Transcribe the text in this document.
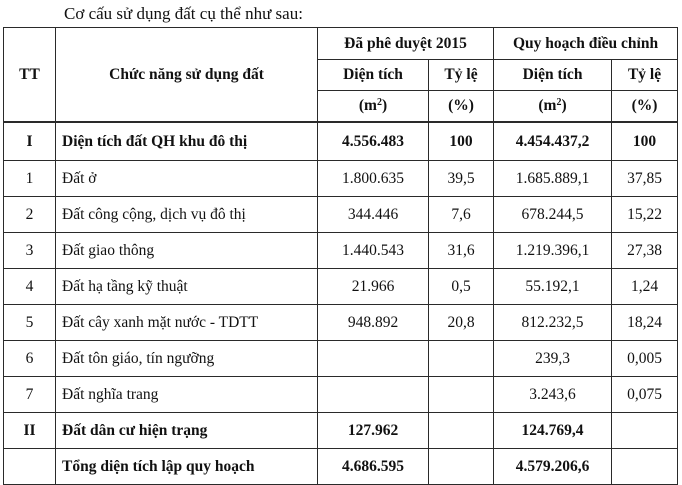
Cơ cấu sử dụng đất cụ thể như sau:
TT	Chức năng sử dụng đất	Đã phê duyệt 2015		Quy hoạch điều chỉnh	
		Diện tích	Tỷ lệ	Diện tích	Tỷ lệ
		$(m^2)$	(%)	$(m^2)$	(%)
I	Diện tích đất QH khu đô thị	4.556.483	100	4.454.437,2	100
1	Đất ở	1.800.635	39,5	1.685.889,1	37,85
2	Đất công cộng, dịch vụ đô thị	344.446	7,6	678.244,5	15,22
3	Đất giao thông	1.440.543	31,6	1.219.396,1	27,38
4	Đất hạ tầng kỹ thuật	21.966	0,5	55.192,1	1,24
5	Đất cây xanh mặt nước - TDTT	948.892	20,8	812.232,5	18,24
6	Đất tôn giáo, tín ngưỡng			239,3	0,005
7	Đất nghĩa trang			3.243,6	0,075
II	Đất dân cư hiện trạng	127.962		124.769,4	
	Tổng diện tích lập quy hoạch	4.686.595		4.579.206,6	
